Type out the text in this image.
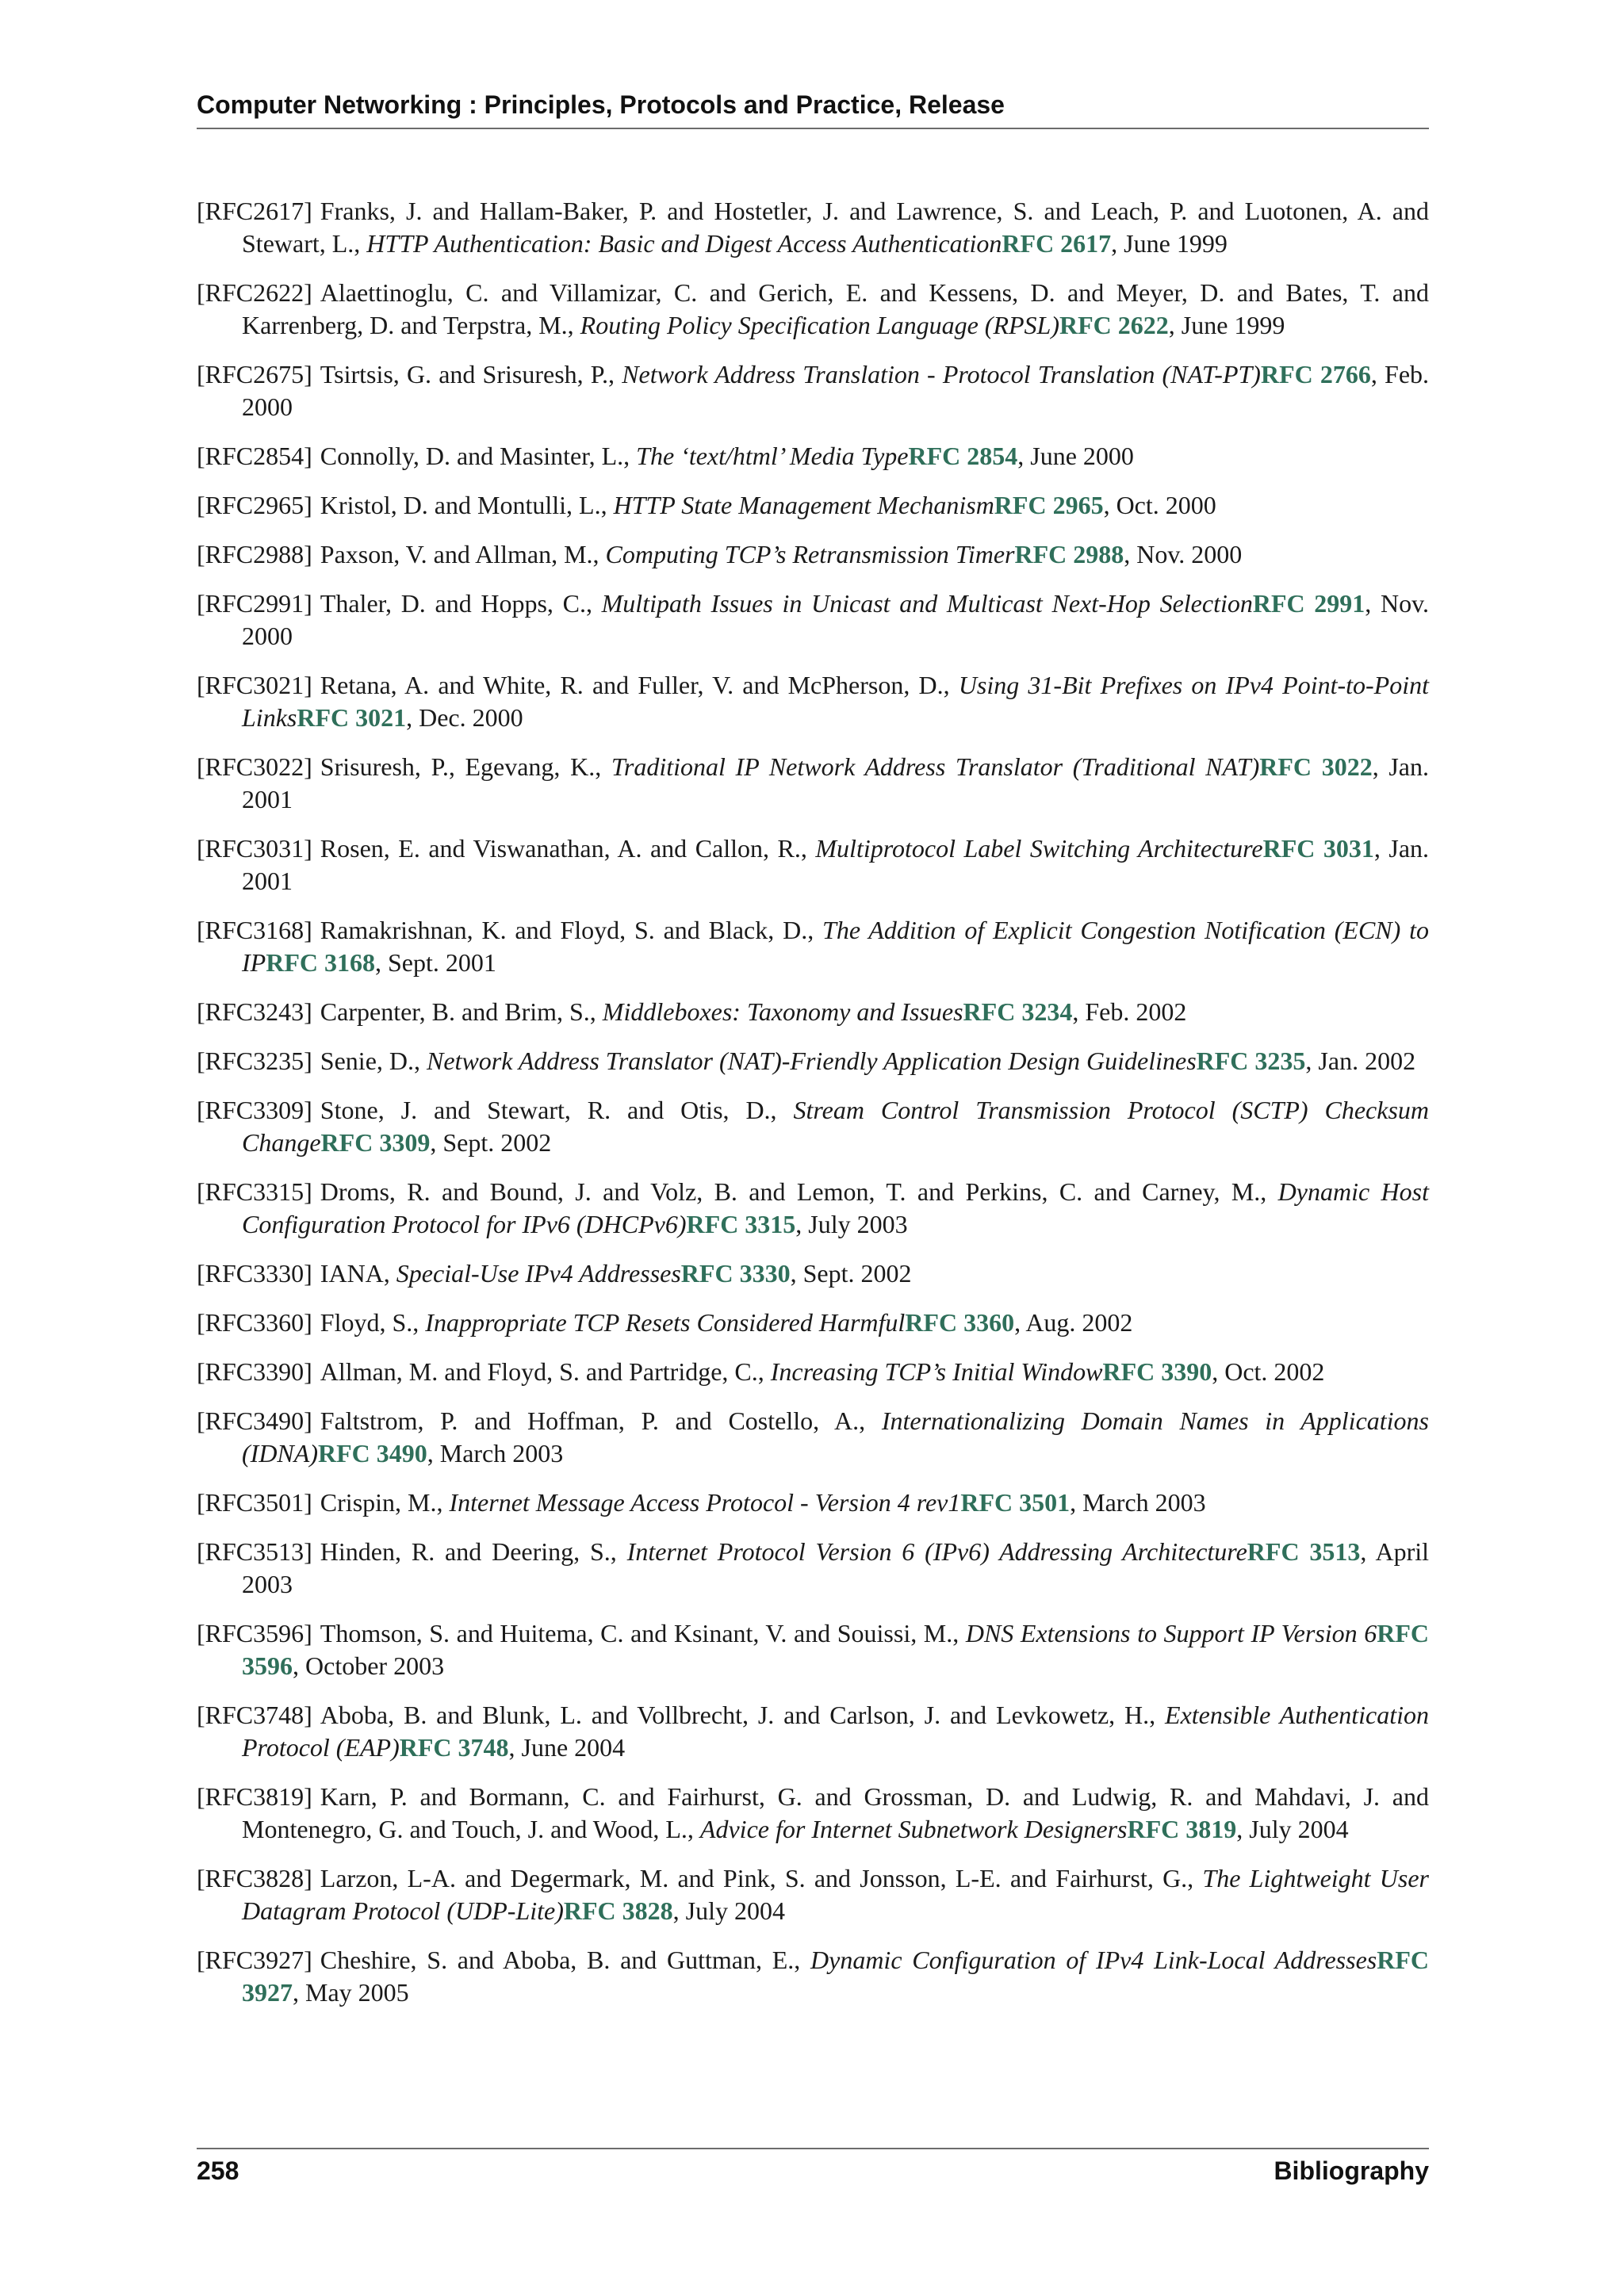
Computer Networking : Principles, Protocols and Practice, Release

[RFC2617] Franks, J. and Hallam-Baker, P. and Hostetler, J. and Lawrence, S. and Leach, P. and Luotonen, A. and Stewart, L., HTTP Authentication: Basic and Digest Access AuthenticationRFC 2617, June 1999

[RFC2622] Alaettinoglu, C. and Villamizar, C. and Gerich, E. and Kessens, D. and Meyer, D. and Bates, T. and Karrenberg, D. and Terpstra, M., Routing Policy Specification Language (RPSL)RFC 2622, June 1999

[RFC2675] Tsirtsis, G. and Srisuresh, P., Network Address Translation - Protocol Translation (NAT-PT)RFC 2766, Feb. 2000

[RFC2854] Connolly, D. and Masinter, L., The ‘text/html’ Media TypeRFC 2854, June 2000

[RFC2965] Kristol, D. and Montulli, L., HTTP State Management MechanismRFC 2965, Oct. 2000

[RFC2988] Paxson, V. and Allman, M., Computing TCP’s Retransmission TimerRFC 2988, Nov. 2000

[RFC2991] Thaler, D. and Hopps, C., Multipath Issues in Unicast and Multicast Next-Hop SelectionRFC 2991, Nov. 2000

[RFC3021] Retana, A. and White, R. and Fuller, V. and McPherson, D., Using 31-Bit Prefixes on IPv4 Point-to-Point LinksRFC 3021, Dec. 2000

[RFC3022] Srisuresh, P., Egevang, K., Traditional IP Network Address Translator (Traditional NAT)RFC 3022, Jan. 2001

[RFC3031] Rosen, E. and Viswanathan, A. and Callon, R., Multiprotocol Label Switching ArchitectureRFC 3031, Jan. 2001

[RFC3168] Ramakrishnan, K. and Floyd, S. and Black, D., The Addition of Explicit Congestion Notification (ECN) to IPRFC 3168, Sept. 2001

[RFC3243] Carpenter, B. and Brim, S., Middleboxes: Taxonomy and IssuesRFC 3234, Feb. 2002

[RFC3235] Senie, D., Network Address Translator (NAT)-Friendly Application Design GuidelinesRFC 3235, Jan. 2002

[RFC3309] Stone, J. and Stewart, R. and Otis, D., Stream Control Transmission Protocol (SCTP) Checksum ChangeRFC 3309, Sept. 2002

[RFC3315] Droms, R. and Bound, J. and Volz, B. and Lemon, T. and Perkins, C. and Carney, M., Dynamic Host Configuration Protocol for IPv6 (DHCPv6)RFC 3315, July 2003

[RFC3330] IANA, Special-Use IPv4 AddressesRFC 3330, Sept. 2002

[RFC3360] Floyd, S., Inappropriate TCP Resets Considered HarmfulRFC 3360, Aug. 2002

[RFC3390] Allman, M. and Floyd, S. and Partridge, C., Increasing TCP’s Initial WindowRFC 3390, Oct. 2002

[RFC3490] Faltstrom, P. and Hoffman, P. and Costello, A., Internationalizing Domain Names in Applications (IDNA)RFC 3490, March 2003

[RFC3501] Crispin, M., Internet Message Access Protocol - Version 4 rev1RFC 3501, March 2003

[RFC3513] Hinden, R. and Deering, S., Internet Protocol Version 6 (IPv6) Addressing ArchitectureRFC 3513, April 2003

[RFC3596] Thomson, S. and Huitema, C. and Ksinant, V. and Souissi, M., DNS Extensions to Support IP Version 6RFC 3596, October 2003

[RFC3748] Aboba, B. and Blunk, L. and Vollbrecht, J. and Carlson, J. and Levkowetz, H., Extensible Authentication Protocol (EAP)RFC 3748, June 2004

[RFC3819] Karn, P. and Bormann, C. and Fairhurst, G. and Grossman, D. and Ludwig, R. and Mahdavi, J. and Montenegro, G. and Touch, J. and Wood, L., Advice for Internet Subnetwork DesignersRFC 3819, July 2004

[RFC3828] Larzon, L-A. and Degermark, M. and Pink, S. and Jonsson, L-E. and Fairhurst, G., The Lightweight User Datagram Protocol (UDP-Lite)RFC 3828, July 2004

[RFC3927] Cheshire, S. and Aboba, B. and Guttman, E., Dynamic Configuration of IPv4 Link-Local AddressesRFC 3927, May 2005

258	Bibliography
